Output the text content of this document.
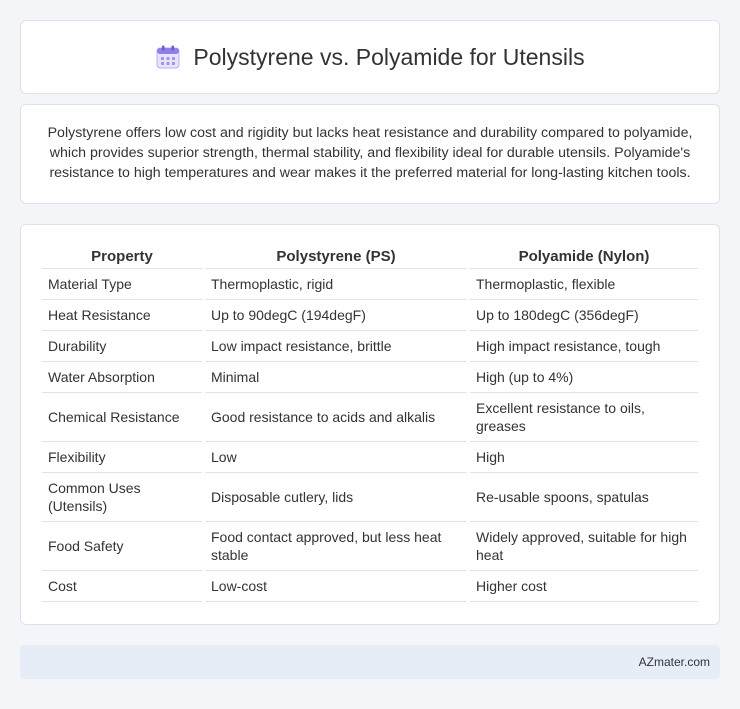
Polystyrene vs. Polyamide for Utensils

Polystyrene offers low cost and rigidity but lacks heat resistance and durability compared to polyamide, which provides superior strength, thermal stability, and flexibility ideal for durable utensils. Polyamide's resistance to high temperatures and wear makes it the preferred material for long-lasting kitchen tools.

Property	Polystyrene (PS)	Polyamide (Nylon)
Material Type	Thermoplastic, rigid	Thermoplastic, flexible
Heat Resistance	Up to 90degC (194degF)	Up to 180degC (356degF)
Durability	Low impact resistance, brittle	High impact resistance, tough
Water Absorption	Minimal	High (up to 4%)
Chemical Resistance	Good resistance to acids and alkalis	Excellent resistance to oils, greases
Flexibility	Low	High
Common Uses (Utensils)	Disposable cutlery, lids	Re-usable spoons, spatulas
Food Safety	Food contact approved, but less heat stable	Widely approved, suitable for high heat
Cost	Low-cost	Higher cost
AZmater.com
